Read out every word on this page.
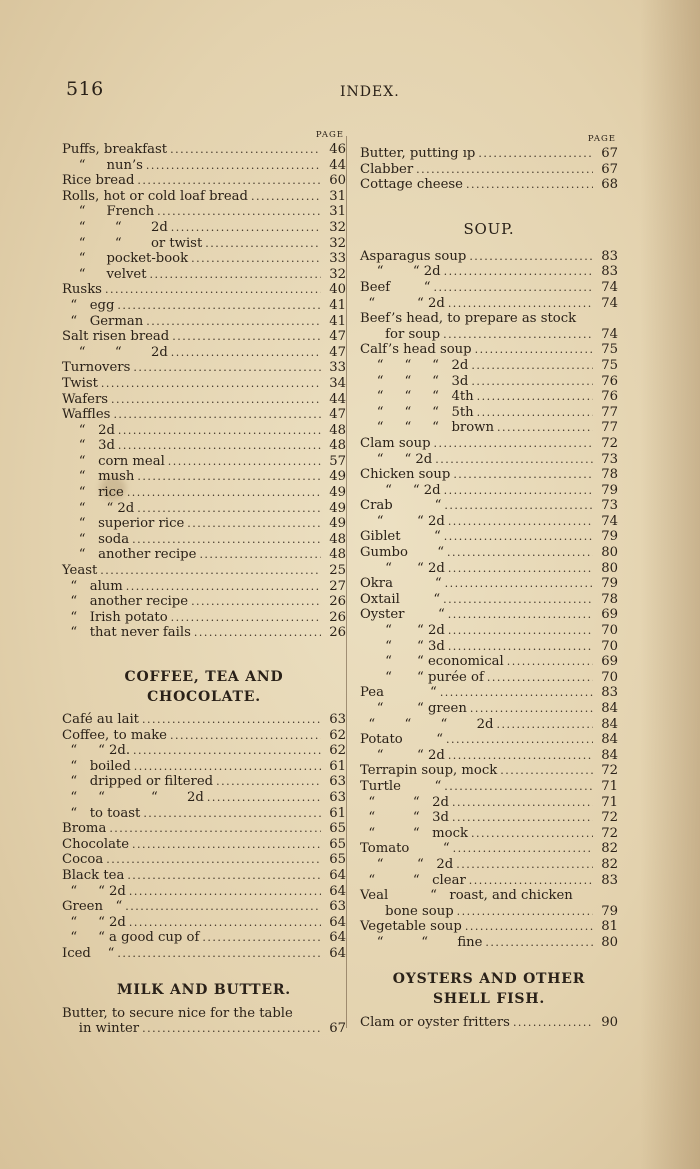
516	INDEX.
PAGE
Puffs, breakfast .....	46
“     nun’s .....	44
Rice bread .....	60
Rolls, hot or cold loaf bread .....	31
“     French .....	31
“       “       2d .....	32
“       “       or twist .....	32
“     pocket-book .....	33
“     velvet .....	32
Rusks .....	40
“   egg .....	41
“   German .....	41
Salt risen bread .....	47
“       “       2d .....	47
Turnovers .....	33
Twist .....	34
Wafers .....	44
Waffles .....	47
“   2d .....	48
“   3d .....	48
“   corn meal .....	57
“   mush .....	49
“   rice .....	49
“     “ 2d .....	49
“   superior rice .....	49
“   soda .....	48
“   another recipe .....	48
Yeast .....	25
“   alum .....	27
“   another recipe .....	26
“   Irish potato .....	26
“   that never fails .....	26
COFFEE, TEA AND
CHOCOLATE.
Café au lait .....	63
Coffee, to make .....	62
“     “ 2d. .....	62
“   boiled .....	61
“   dripped or filtered .....	63
“     “           “       2d .....	63
“   to toast .....	61
Broma .....	65
Chocolate .....	65
Cocoa .....	65
Black tea .....	64
“     “ 2d .....	64
Green   “ .....	63
“     “ 2d .....	64
“     “ a good cup of .....	64
Iced    “ .....	64
MILK AND BUTTER.
Butter, to secure nice for the table
in winter .....	67
PAGE
Butter, putting ıp .....	67
Clabber .....	67
Cottage cheese .....	68
SOUP.
Asparagus soup .....	83
“       “ 2d .....	83
Beef        “ .....	74
“          “ 2d .....	74
Beef’s head, to prepare as stock
for soup .....	74
Calf’s head soup .....	75
“     “     “   2d .....	75
“     “     “   3d .....	76
“     “     “   4th .....	76
“     “     “   5th .....	77
“     “     “   brown .....	77
Clam soup .....	72
“     “ 2d .....	73
Chicken soup .....	78
“     “ 2d .....	79
Crab          “ .....	73
“        “ 2d .....	74
Giblet        “ .....	79
Gumbo       “ .....	80
“      “ 2d .....	80
Okra          “ .....	79
Oxtail        “ .....	78
Oyster        “ .....	69
“      “ 2d .....	70
“      “ 3d .....	70
“      “ economical .....	69
“      “ purée of .....	70
Pea           “ .....	83
“        “ green .....	84
“       “       “       2d .....	84
Potato        “ .....	84
“        “ 2d .....	84
Terrapin soup, mock .....	72
Turtle        “ .....	71
“         “   2d .....	71
“         “   3d .....	72
“         “   mock .....	72
Tomato        “ .....	82
“        “   2d .....	82
“         “   clear .....	83
Veal          “   roast, and chicken
bone soup .....	79
Vegetable soup .....	81
“         “       fine .....	80
OYSTERS AND OTHER
SHELL FISH.
Clam or oyster fritters .....	90
